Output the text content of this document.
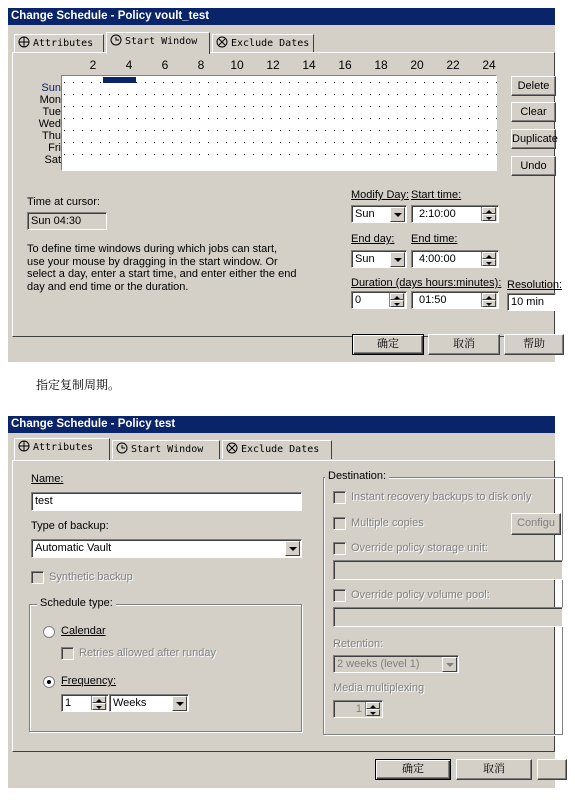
Change Schedule - Policy voult_test
Attributes	Start Window	Exclude Dates
2	4	6	8	10 12 14 16 18 20 22 24
Sun
Mon
Tue
Wed
Thu
Fri
Sat
Delete
Clear
Duplicate
Undo
Time at cursor:
Sun 04:30
To define time windows during which jobs can start,
use your mouse by dragging in the start window. Or
select a day, enter a start time, and enter either the end
day and end time or the duration.
Modify Day: Start time:
Sun	2:10:00
End day: End time:
Sun	4:00:00
Duration (days hours:minutes): Resolution:
0	01:50	10 min
确定	取消	帮助
指定复制周期。
Change Schedule - Policy test
Attributes	Start Window	Exclude Dates
Name:
test
Type of backup:
Automatic Vault
Synthetic backup
Schedule type:
Calendar
Retries allowed after runday
Frequency:
1	Weeks
Destination:
Instant recovery backups to disk only
Multiple copies	Configu
Override policy storage unit:
Override policy volume pool:
Retention:
2 weeks (level 1)
Media multiplexing
1
确定	取消
